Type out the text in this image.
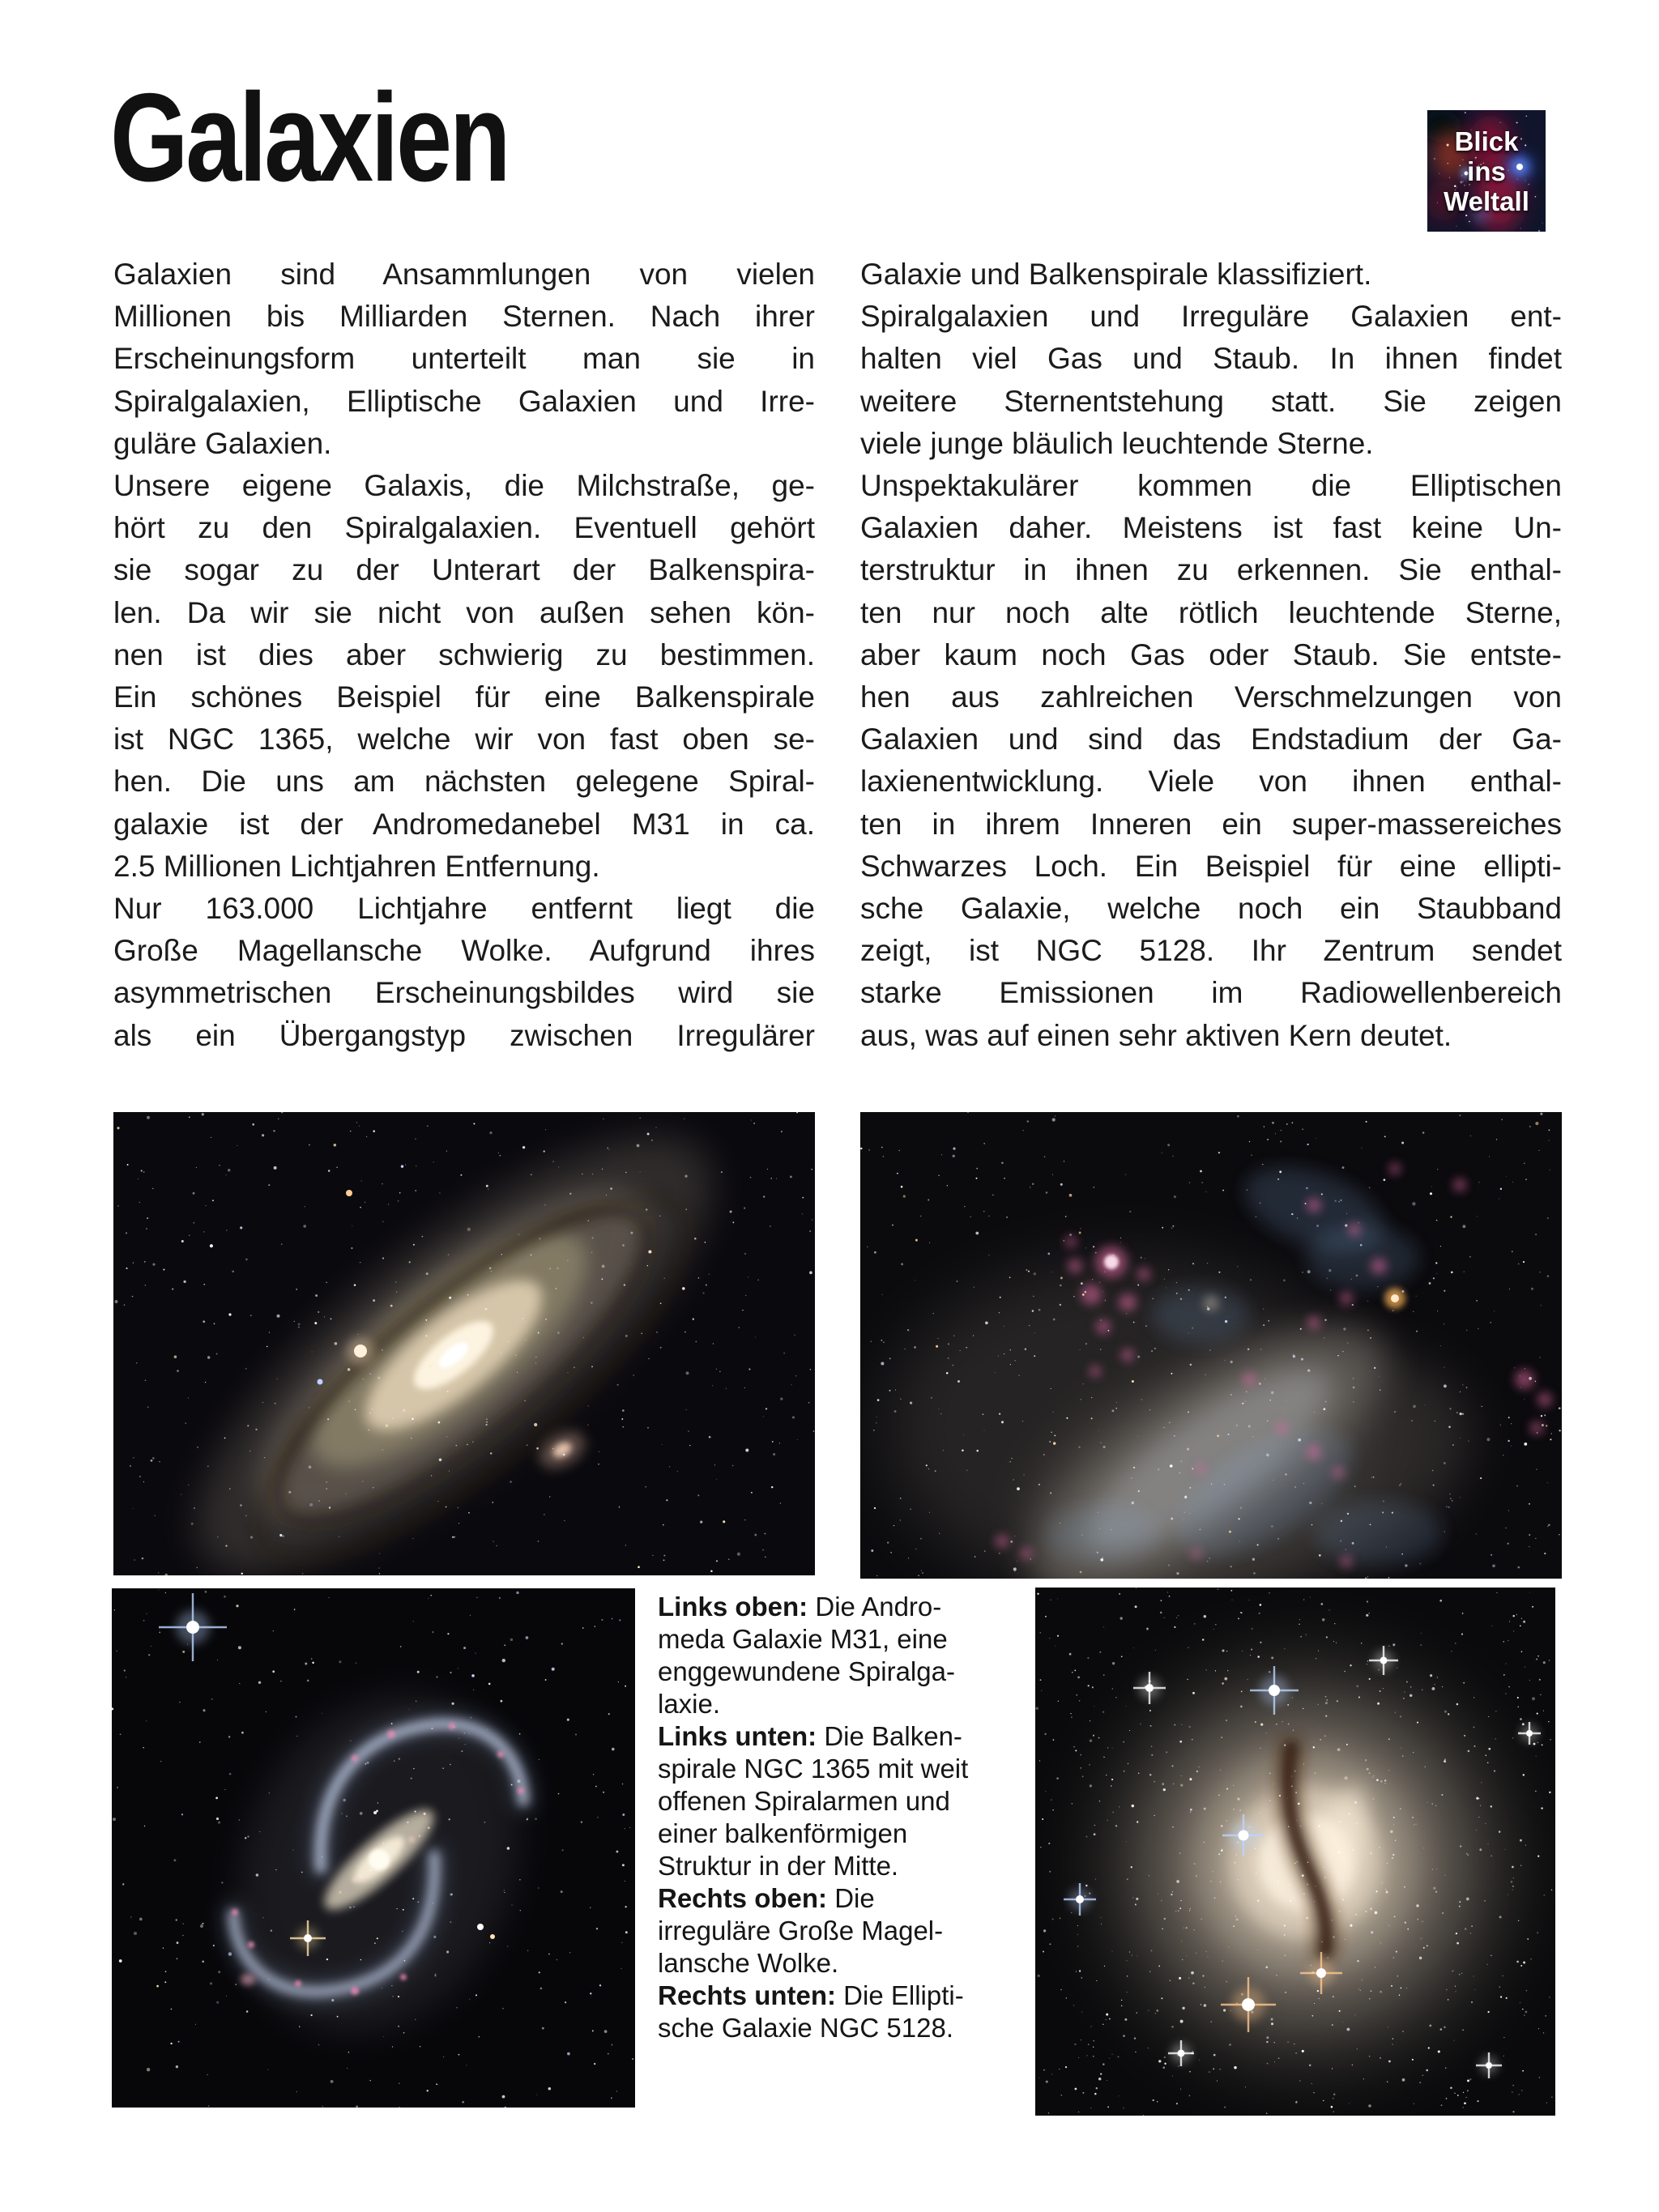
Galaxien	Blick
ins
Weltall
Galaxien sind Ansammlungen von vielen
Millionen bis Milliarden Sternen. Nach ihrer
Erscheinungsform unterteilt man sie in
Spiralgalaxien, Elliptische Galaxien und Irre-
guläre Galaxien.
Unsere eigene Galaxis, die Milchstraße, ge-
hört zu den Spiralgalaxien. Eventuell gehört
sie sogar zu der Unterart der Balkenspira-
len. Da wir sie nicht von außen sehen kön-
nen ist dies aber schwierig zu bestimmen.
Ein schönes Beispiel für eine Balkenspirale
ist NGC 1365, welche wir von fast oben se-
hen. Die uns am nächsten gelegene Spiral-
galaxie ist der Andromedanebel M31 in ca.
2.5 Millionen Lichtjahren Entfernung.
Nur 163.000 Lichtjahre entfernt liegt die
Große Magellansche Wolke. Aufgrund ihres
asymmetrischen Erscheinungsbildes wird sie
als ein Übergangstyp zwischen Irregulärer
Galaxie und Balkenspirale klassifiziert.
Spiralgalaxien und Irreguläre Galaxien ent-
halten viel Gas und Staub. In ihnen findet
weitere Sternentstehung statt. Sie zeigen
viele junge bläulich leuchtende Sterne.
Unspektakulärer kommen die Elliptischen
Galaxien daher. Meistens ist fast keine Un-
terstruktur in ihnen zu erkennen. Sie enthal-
ten nur noch alte rötlich leuchtende Sterne,
aber kaum noch Gas oder Staub. Sie entste-
hen aus zahlreichen Verschmelzungen von
Galaxien und sind das Endstadium der Ga-
laxienentwicklung. Viele von ihnen enthal-
ten in ihrem Inneren ein super-massereiches
Schwarzes Loch. Ein Beispiel für eine ellipti-
sche Galaxie, welche noch ein Staubband
zeigt, ist NGC 5128. Ihr Zentrum sendet
starke Emissionen im Radiowellenbereich
aus, was auf einen sehr aktiven Kern deutet.
Links oben: Die Andro-
meda Galaxie M31, eine
enggewundene Spiralga-
laxie.
Links unten: Die Balken-
spirale NGC 1365 mit weit
offenen Spiralarmen und
einer balkenförmigen
Struktur in der Mitte.
Rechts oben: Die
irreguläre Große Magel-
lansche Wolke.
Rechts unten: Die Ellipti-
sche Galaxie NGC 5128.
